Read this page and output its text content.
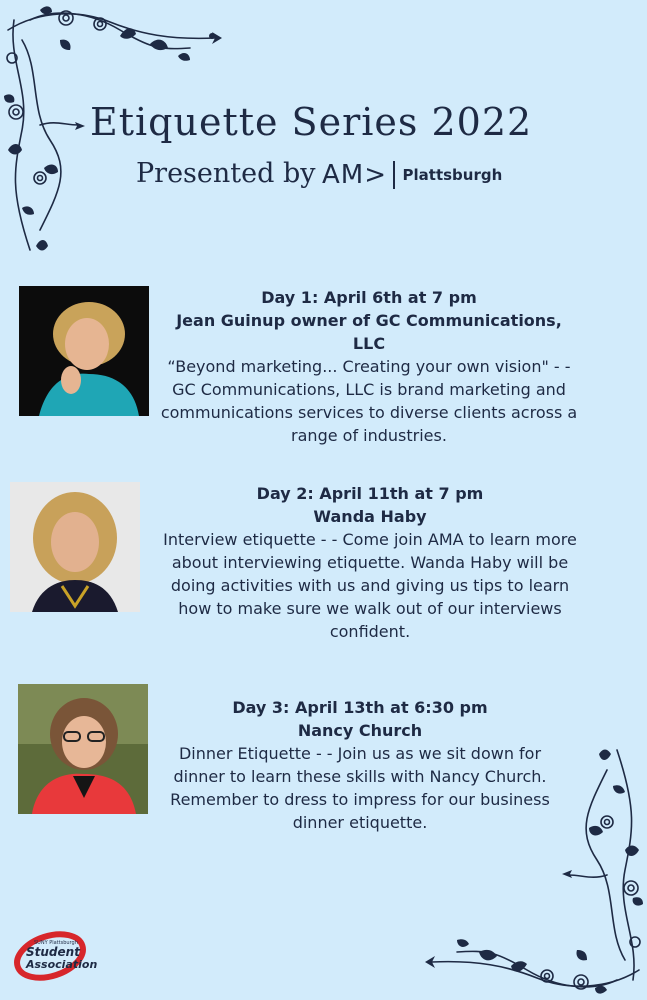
Etiquette Series 2022
Presented by AM> Plattsburgh

Day 1: April 6th at 7 pm

Jean Guinup owner of GC Communications, LLC

“Beyond marketing... Creating your own vision" - - GC Communications, LLC is brand marketing and communications services to diverse clients across a range of industries.

Day 2: April 11th at 7 pm

Wanda Haby

Interview etiquette - - Come join AMA to learn more about interviewing etiquette. Wanda Haby will be doing activities with us and giving us tips to learn how to make sure we walk out of our interviews confident.

Day 3: April 13th at 6:30 pm

Nancy Church

Dinner Etiquette - - Join us as we sit down for dinner to learn these skills with Nancy Church. Remember to dress to impress for our business dinner etiquette.

SUNY Plattsburgh
Student
Association
